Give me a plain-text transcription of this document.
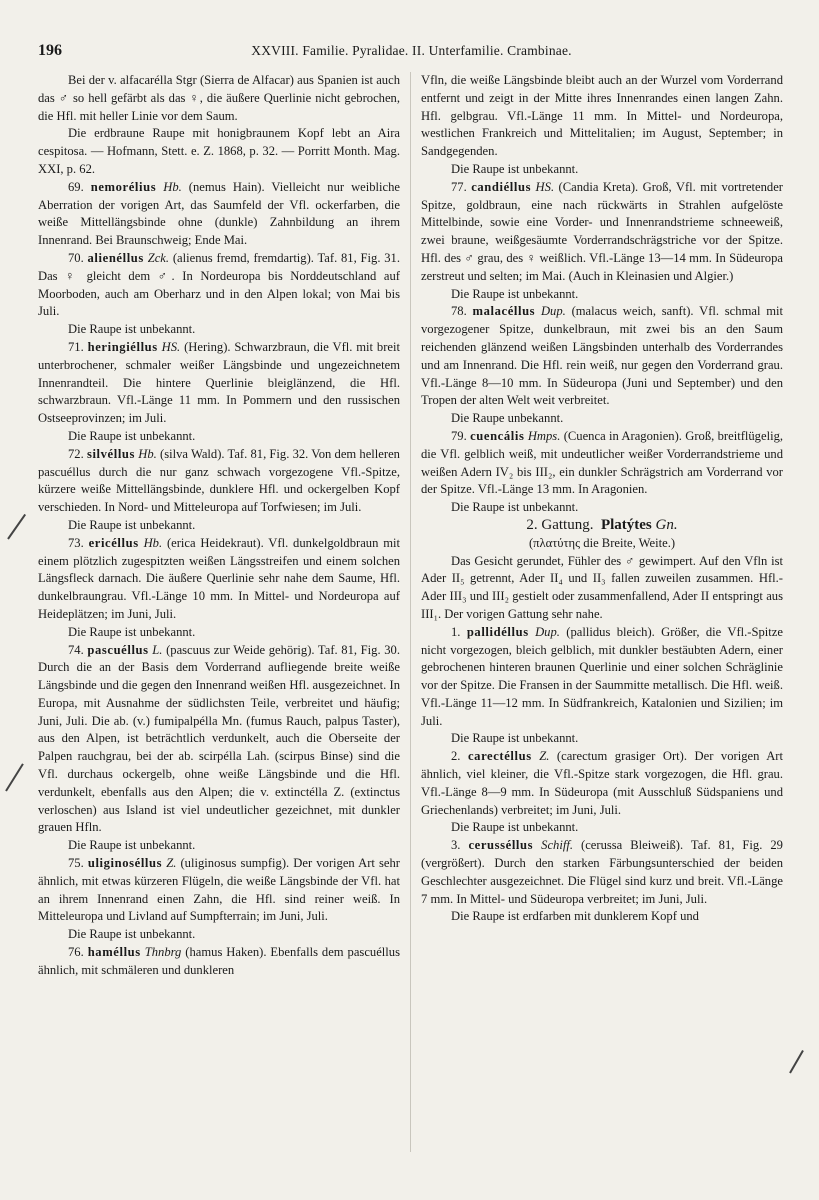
196	XXVIII. Familie. Pyralidae. II. Unterfamilie. Crambinae.

Bei der v. alfacarélla Stgr (Sierra de Alfacar) aus Spanien ist auch das ♂ so hell gefärbt als das ♀, die äußere Querlinie nicht gebrochen, die Hfl. mit heller Linie vor dem Saum.

Die erdbraune Raupe mit honigbraunem Kopf lebt an Aira cespitosa. — Hofmann, Stett. e. Z. 1868, p. 32. — Porritt Month. Mag. XXI, p. 62.

69. nemorélius Hb. (nemus Hain). Vielleicht nur weibliche Aberration der vorigen Art, das Saumfeld der Vfl. ockerfarben, die weiße Mittellängsbinde ohne (dunkle) Zahnbildung an ihrem Innenrand. Bei Braunschweig; Ende Mai.

70. alienéllus Zck. (alienus fremd, fremdartig). Taf. 81, Fig. 31. Das ♀ gleicht dem ♂. In Nordeuropa bis Norddeutschland auf Moorboden, auch am Oberharz und in den Alpen lokal; von Mai bis Juli.

Die Raupe ist unbekannt.

71. heringiéllus HS. (Hering). Schwarzbraun, die Vfl. mit breit unterbrochener, schmaler weißer Längsbinde und ungezeichnetem Innenrandteil. Die hintere Querlinie bleiglänzend, die Hfl. schwarzbraun. Vfl.-Länge 11 mm. In Pommern und den russischen Ostseeprovinzen; im Juli.

Die Raupe ist unbekannt.

72. silvéllus Hb. (silva Wald). Taf. 81, Fig. 32. Von dem helleren pascuéllus durch die nur ganz schwach vorgezogene Vfl.-Spitze, kürzere weiße Mittellängsbinde, dunklere Hfl. und ockergelben Kopf verschieden. In Nord- und Mitteleuropa auf Torfwiesen; im Juli.

Die Raupe ist unbekannt.

73. ericéllus Hb. (erica Heidekraut). Vfl. dunkelgoldbraun mit einem plötzlich zugespitzten weißen Längsstreifen und einem solchen Längsfleck darnach. Die äußere Querlinie sehr nahe dem Saume, Hfl. dunkelbraungrau. Vfl.-Länge 10 mm. In Mittel- und Nordeuropa auf Heideplätzen; im Juni, Juli.

Die Raupe ist unbekannt.

74. pascuéllus L. (pascuus zur Weide gehörig). Taf. 81, Fig. 30. Durch die an der Basis dem Vorderrand aufliegende breite weiße Längsbinde und die gegen den Innenrand weißen Hfl. ausgezeichnet. In Europa, mit Ausnahme der südlichsten Teile, verbreitet und häufig; Juni, Juli. Die ab. (v.) fumipalpélla Mn. (fumus Rauch, palpus Taster), aus den Alpen, ist beträchtlich verdunkelt, auch die Oberseite der Palpen rauchgrau, bei der ab. scirpélla Lah. (scirpus Binse) sind die Vfl. durchaus ockergelb, ohne weiße Längsbinde und die Hfl. verdunkelt, ebenfalls aus den Alpen; die v. extinctélla Z. (extinctus verloschen) aus Island ist viel undeutlicher gezeichnet, mit dunkler grauen Hfln.

Die Raupe ist unbekannt.

75. uliginoséllus Z. (uliginosus sumpfig). Der vorigen Art sehr ähnlich, mit etwas kürzeren Flügeln, die weiße Längsbinde der Vfl. hat an ihrem Innenrand einen Zahn, die Hfl. sind reiner weiß. In Mitteleuropa und Livland auf Sumpfterrain; im Juni, Juli.

Die Raupe ist unbekannt.

76. haméllus Thnbrg (hamus Haken). Ebenfalls dem pascuéllus ähnlich, mit schmäleren und dunkleren

Vfln, die weiße Längsbinde bleibt auch an der Wurzel vom Vorderrand entfernt und zeigt in der Mitte ihres Innenrandes einen langen Zahn. Hfl. gelbgrau. Vfl.-Länge 11 mm. In Mittel- und Nordeuropa, westlichen Frankreich und Mittelitalien; im August, September; in Sandgegenden.

Die Raupe ist unbekannt.

77. candiéllus HS. (Candia Kreta). Groß, Vfl. mit vortretender Spitze, goldbraun, eine nach rückwärts in Strahlen aufgelöste Mittelbinde, sowie eine Vorder- und Innenrandstrieme schneeweiß, zwei braune, weißgesäumte Vorderrandschrägstriche vor der Spitze. Hfl. des ♂ grau, des ♀ weißlich. Vfl.-Länge 13—14 mm. In Südeuropa zerstreut und selten; im Mai. (Auch in Kleinasien und Algier.)

Die Raupe ist unbekannt.

78. malacéllus Dup. (malacus weich, sanft). Vfl. schmal mit vorgezogener Spitze, dunkelbraun, mit zwei bis an den Saum reichenden glänzend weißen Längsbinden unterhalb des Vorderrandes und am Innenrand. Die Hfl. rein weiß, nur gegen den Vorderrand grau. Vfl.-Länge 8—10 mm. In Südeuropa (Juni und September) und den Tropen der alten Welt weit verbreitet.

Die Raupe unbekannt.

79. cuencális Hmps. (Cuenca in Aragonien). Groß, breitflügelig, die Vfl. gelblich weiß, mit undeutlicher weißer Vorderrandstrieme und weißen Adern IV₂ bis III₂, ein dunkler Schrägstrich am Vorderrand vor der Spitze. Vfl.-Länge 13 mm. In Aragonien.

Die Raupe ist unbekannt.

2. Gattung. Platýtes Gn.

(πλατύτης die Breite, Weite.)

Das Gesicht gerundet, Fühler des ♂ gewimpert. Auf den Vfln ist Ader II₅ getrennt, Ader II₄ und II₃ fallen zuweilen zusammen. Hfl.-Ader III₃ und III₂ gestielt oder zusammenfallend, Ader II entspringt aus III₁. Der vorigen Gattung sehr nahe.

1. pallidéllus Dup. (pallidus bleich). Größer, die Vfl.-Spitze nicht vorgezogen, bleich gelblich, mit dunkler bestäubten Adern, einer gebrochenen hinteren braunen Querlinie und einer solchen Schräglinie vor der Spitze. Die Fransen in der Saummitte metallisch. Die Hfl. weiß. Vfl.-Länge 11—12 mm. In Südfrankreich, Katalonien und Sizilien; im Juli.

Die Raupe ist unbekannt.

2. carectéllus Z. (carectum grasiger Ort). Der vorigen Art ähnlich, viel kleiner, die Vfl.-Spitze stark vorgezogen, die Hfl. grau. Vfl.-Länge 8—9 mm. In Südeuropa (mit Ausschluß Südspaniens und Griechenlands) verbreitet; im Juni, Juli.

Die Raupe ist unbekannt.

3. cerusséllus Schiff. (cerussa Bleiweiß). Taf. 81, Fig. 29 (vergrößert). Durch den starken Färbungsunterschied der beiden Geschlechter ausgezeichnet. Die Flügel sind kurz und breit. Vfl.-Länge 7 mm. In Mittel- und Südeuropa verbreitet; im Juni, Juli.

Die Raupe ist erdfarben mit dunklerem Kopf und
